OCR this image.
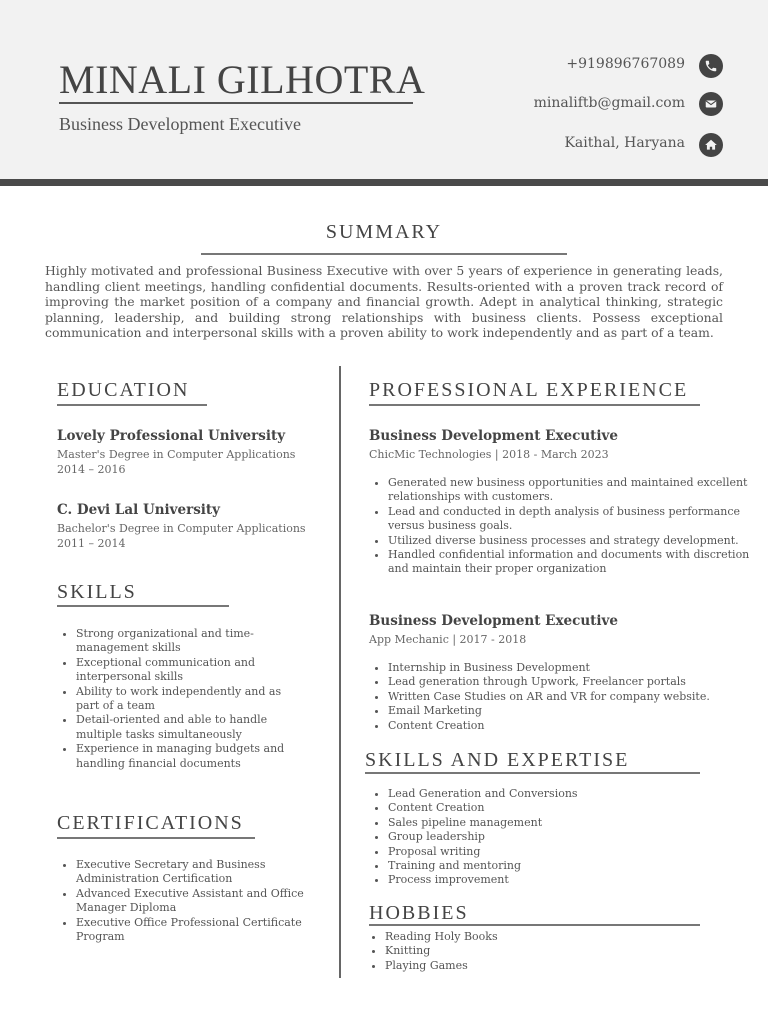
MINALI GILHOTRA
Business Development Executive
+919896767089
minaliftb@gmail.com
Kaithal, Haryana
SUMMARY

Highly motivated and professional Business Executive with over 5 years of experience in generating leads, handling client meetings, handling confidential documents. Results-oriented with a proven track record of improving the market position of a company and financial growth. Adept in analytical thinking, strategic planning, leadership, and building strong relationships with business clients. Possess exceptional communication and interpersonal skills with a proven ability to work independently and as part of a team.

EDUCATION
Lovely Professional University
Master's Degree in Computer Applications
2014 – 2016
C. Devi Lal University
Bachelor's Degree in Computer Applications
2011 – 2014
SKILLS
• Strong organizational and time-management skills
• Exceptional communication and interpersonal skills
• Ability to work independently and as part of a team
• Detail-oriented and able to handle multiple tasks simultaneously
• Experience in managing budgets and handling financial documents
CERTIFICATIONS
• Executive Secretary and Business Administration Certification
• Advanced Executive Assistant and Office Manager Diploma
• Executive Office Professional Certificate Program
PROFESSIONAL EXPERIENCE
Business Development Executive
ChicMic Technologies | 2018 - March 2023
• Generated new business opportunities and maintained excellent relationships with customers.
• Lead and conducted in depth analysis of business performance versus business goals.
• Utilized diverse business processes and strategy development.
• Handled confidential information and documents with discretion and maintain their proper organization
Business Development Executive
App Mechanic | 2017 - 2018
• Internship in Business Development
• Lead generation through Upwork, Freelancer portals
• Written Case Studies on AR and VR for company website.
• Email Marketing
• Content Creation
SKILLS AND EXPERTISE
• Lead Generation and Conversions
• Content Creation
• Sales pipeline management
• Group leadership
• Proposal writing
• Training and mentoring
• Process improvement
HOBBIES
• Reading Holy Books
• Knitting
• Playing Games
